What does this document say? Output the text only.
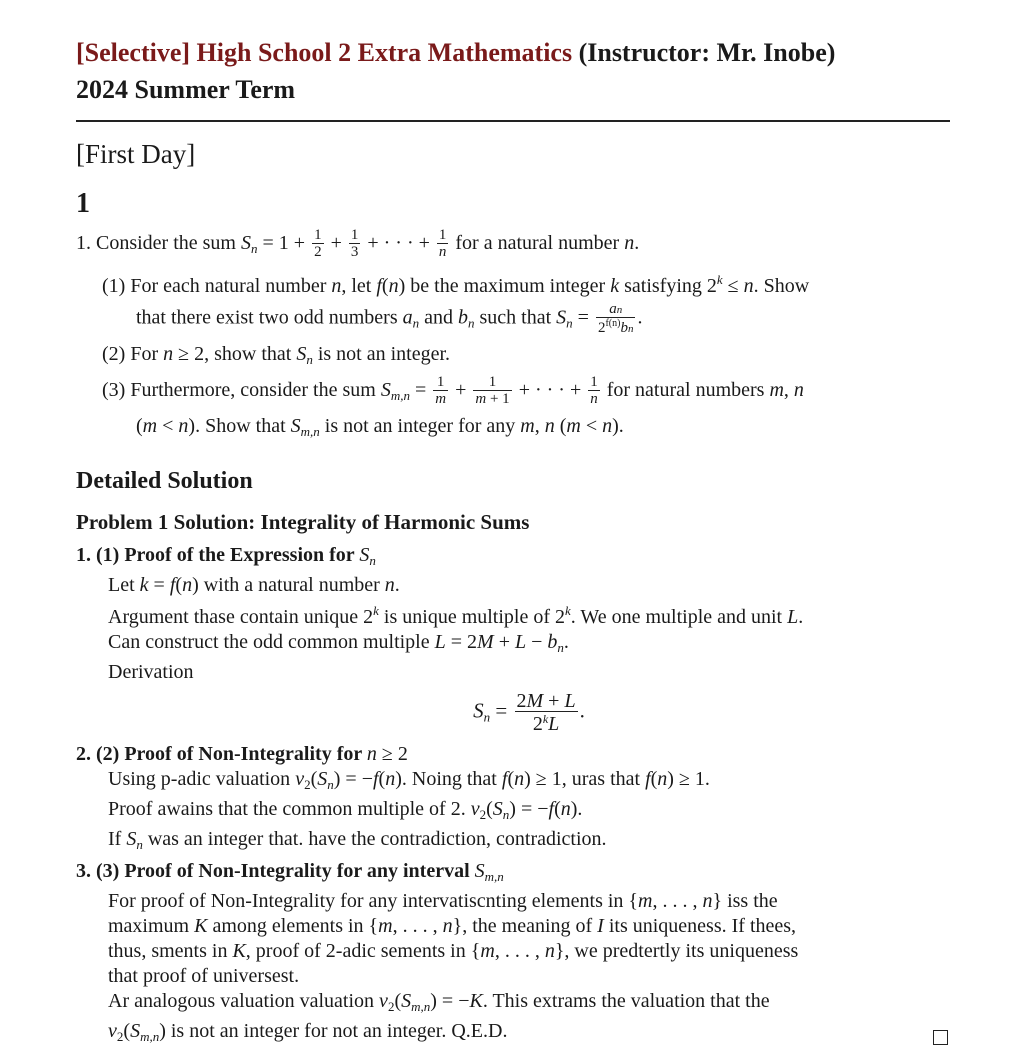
[Selective] High School 2 Extra Mathematics (Instructor: Mr. Inobe)
2024 Summer Term
[First Day]
1
1. Consider the sum $S_n = 1 + \frac{1}{2} + \frac{1}{3}$ + · · · + $\frac{1}{n}$ for a natural number n.
(1) For each natural number n, let f(n) be the maximum integer k satisfying $2^k \le n$. Show
that there exist two odd numbers $a_n$ and $b_n$ such that $S_n = \frac{an}{2^{f(n)}bn}$ .
(2) For n ≥ 2, show that $S_n$ is not an integer.
(3) Furthermore, consider the sum $S_{m,n} = \frac{1}{m} + \frac{1}{m + 1}$ + · · · + $\frac{1}{n}$ for natural numbers m, n
(m < n). Show that $S_{m,n}$ is not an integer for any m, n (m < n).
Detailed Solution
Problem 1 Solution: Integrality of Harmonic Sums
1. (1) Proof of the Expression for $S_n$
Let k = f(n) with a natural number n.
Argument thase contain unique 2$^k$ is unique multiple of 2$^k$. We one multiple and unit L.
Can construct the odd common multiple $L = 2M + L - b_n$.
Derivation
$S_n = \frac{2M + L}{2^kL}$ .
2. (2) Proof of Non-Integrality for n ≥ 2
Using p-adic valuation $v_2(S_n) = -f(n)$. Noing that f(n) ≥ 1, uras that f(n) ≥ 1.
Proof awains that the common multiple of 2. $v_2(S_n) = -f(n)$.
If $S_n$ was an integer that. have the contradiction, contradiction.
3. (3) Proof of Non-Integrality for any interval $S_{m,n}$
For proof of Non-Integrality for any intervatiscnting elements in {m, . . . , n} iss the
maximum K among elements in {m, . . . , n}, the meaning of I its uniqueness. If thees,
thus, sments in K, proof of 2-adic sements in {m, . . . , n}, we predtertly its uniqueness
that proof of universest.
Ar analogous valuation valuation $v_2(S_{m,n}) = -K$. This extrams the valuation that the
$v_2(S_{m,n})$ is not an integer for not an integer. Q.E.D.
